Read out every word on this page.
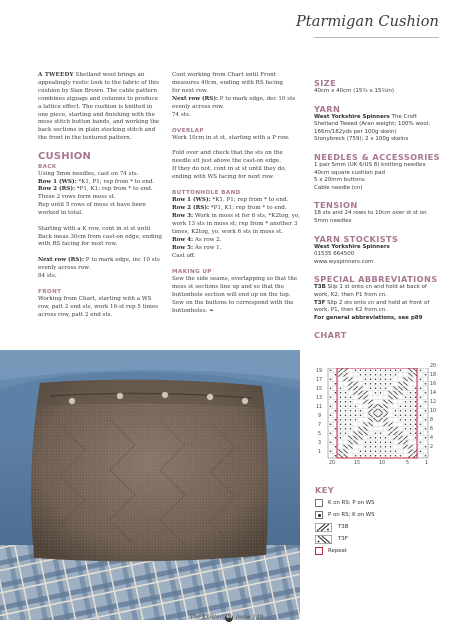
Ptarmigan Cushion
A TWEEDY Shetland wool brings an
appealingly rustic look to the fabric of this
cushion by Sian Brown. The cable pattern
combines zigzags and columns to produce
a lattice effect. The cushion is knitted in
one piece, starting and finishing with the
moss stitch button bands, and working the
back sections in plain stocking stitch and
the front in the textured pattern.
CUSHION
BACK
Using 5mm needles, cast on 74 sts.
Row 1 (WS): *K1, P1; rep from * to end.
Row 2 (RS): *P1, K1; rep from * to end.
These 2 rows form moss st.
Rep until 5 rows of moss st have been
worked in total.
Starting with a K row, cont in st st until
Back meas 30cm from cast-on edge, ending
with RS facing for next row.
Next row (RS): P to mark edge, inc 10 sts
evenly across row.
84 sts.
FRONT
Working from Chart, starting with a WS
row, patt 2 end sts, work 16-st rep 5 times
across row, patt 2 end sts.
Cont working from Chart until Front
measures 40cm, ending with RS facing
for next row.
Next row (RS): P to mark edge, dec 10 sts
evenly across row.
74 sts.
OVERLAP
Work 10cm in st st, starting with a P row.
Fold over and check that the sts on the
needle sit just above the cast-on edge.
If they do not, cont in st st until they do,
ending with WS facing for next row.
BUTTONHOLE BAND
Row 1 (WS): *K1, P1; rep from * to end.
Row 2 (RS): *P1, K1; rep from * to end.
Row 3: Work in moss st for 6 sts, *K2tog, yo,
work 13 sts in moss st; rep from * another 3
times, K2tog, yo, work 6 sts in moss st.
Row 4: As row 2.
Row 5: As row 1.
Cast off.
MAKING UP
Sew the side seams, overlapping so that the
moss st sections line up and so that the
buttonhole section will end up on the top.
Sew on the buttons to correspond with the
buttonholes. ❧
SIZE
40cm x 40cm (15¾ x 15¾in)
YARN
West Yorkshire Spinners The Croft
Shetland Tweed (Aran weight; 100% wool;
166m/182yds per 100g skein)
Stonybreck (759); 2 x 100g skeins
NEEDLES & ACCESSORIES
1 pair 5mm (UK 6/US 8) knitting needles
40cm square cushion pad
5 x 20mm buttons
Cable needle (cn)
TENSION
18 sts and 24 rows to 10cm over st st on
5mm needles
YARN STOCKISTS
West Yorkshire Spinners
01535 664500
www.wyspinners.com
SPECIAL ABBREVIATIONS
T3B Slip 1 st onto cn and hold at back of
work, K2, then P1 from cn.
T3F Slip 2 sts onto cn and hold at front of
work, P1, then K2 from cn.
For general abbreviations, see p89
CHART
19
17
15
13
11
9
7
5
3
1
20
18
16
14
12
10
8
6
4
2
20	15	10	5	1
KEY
K on RS; P on WS
P on RS; K on WS
T3B
T3F
Repeat
The Knitter 40 Issue 149
